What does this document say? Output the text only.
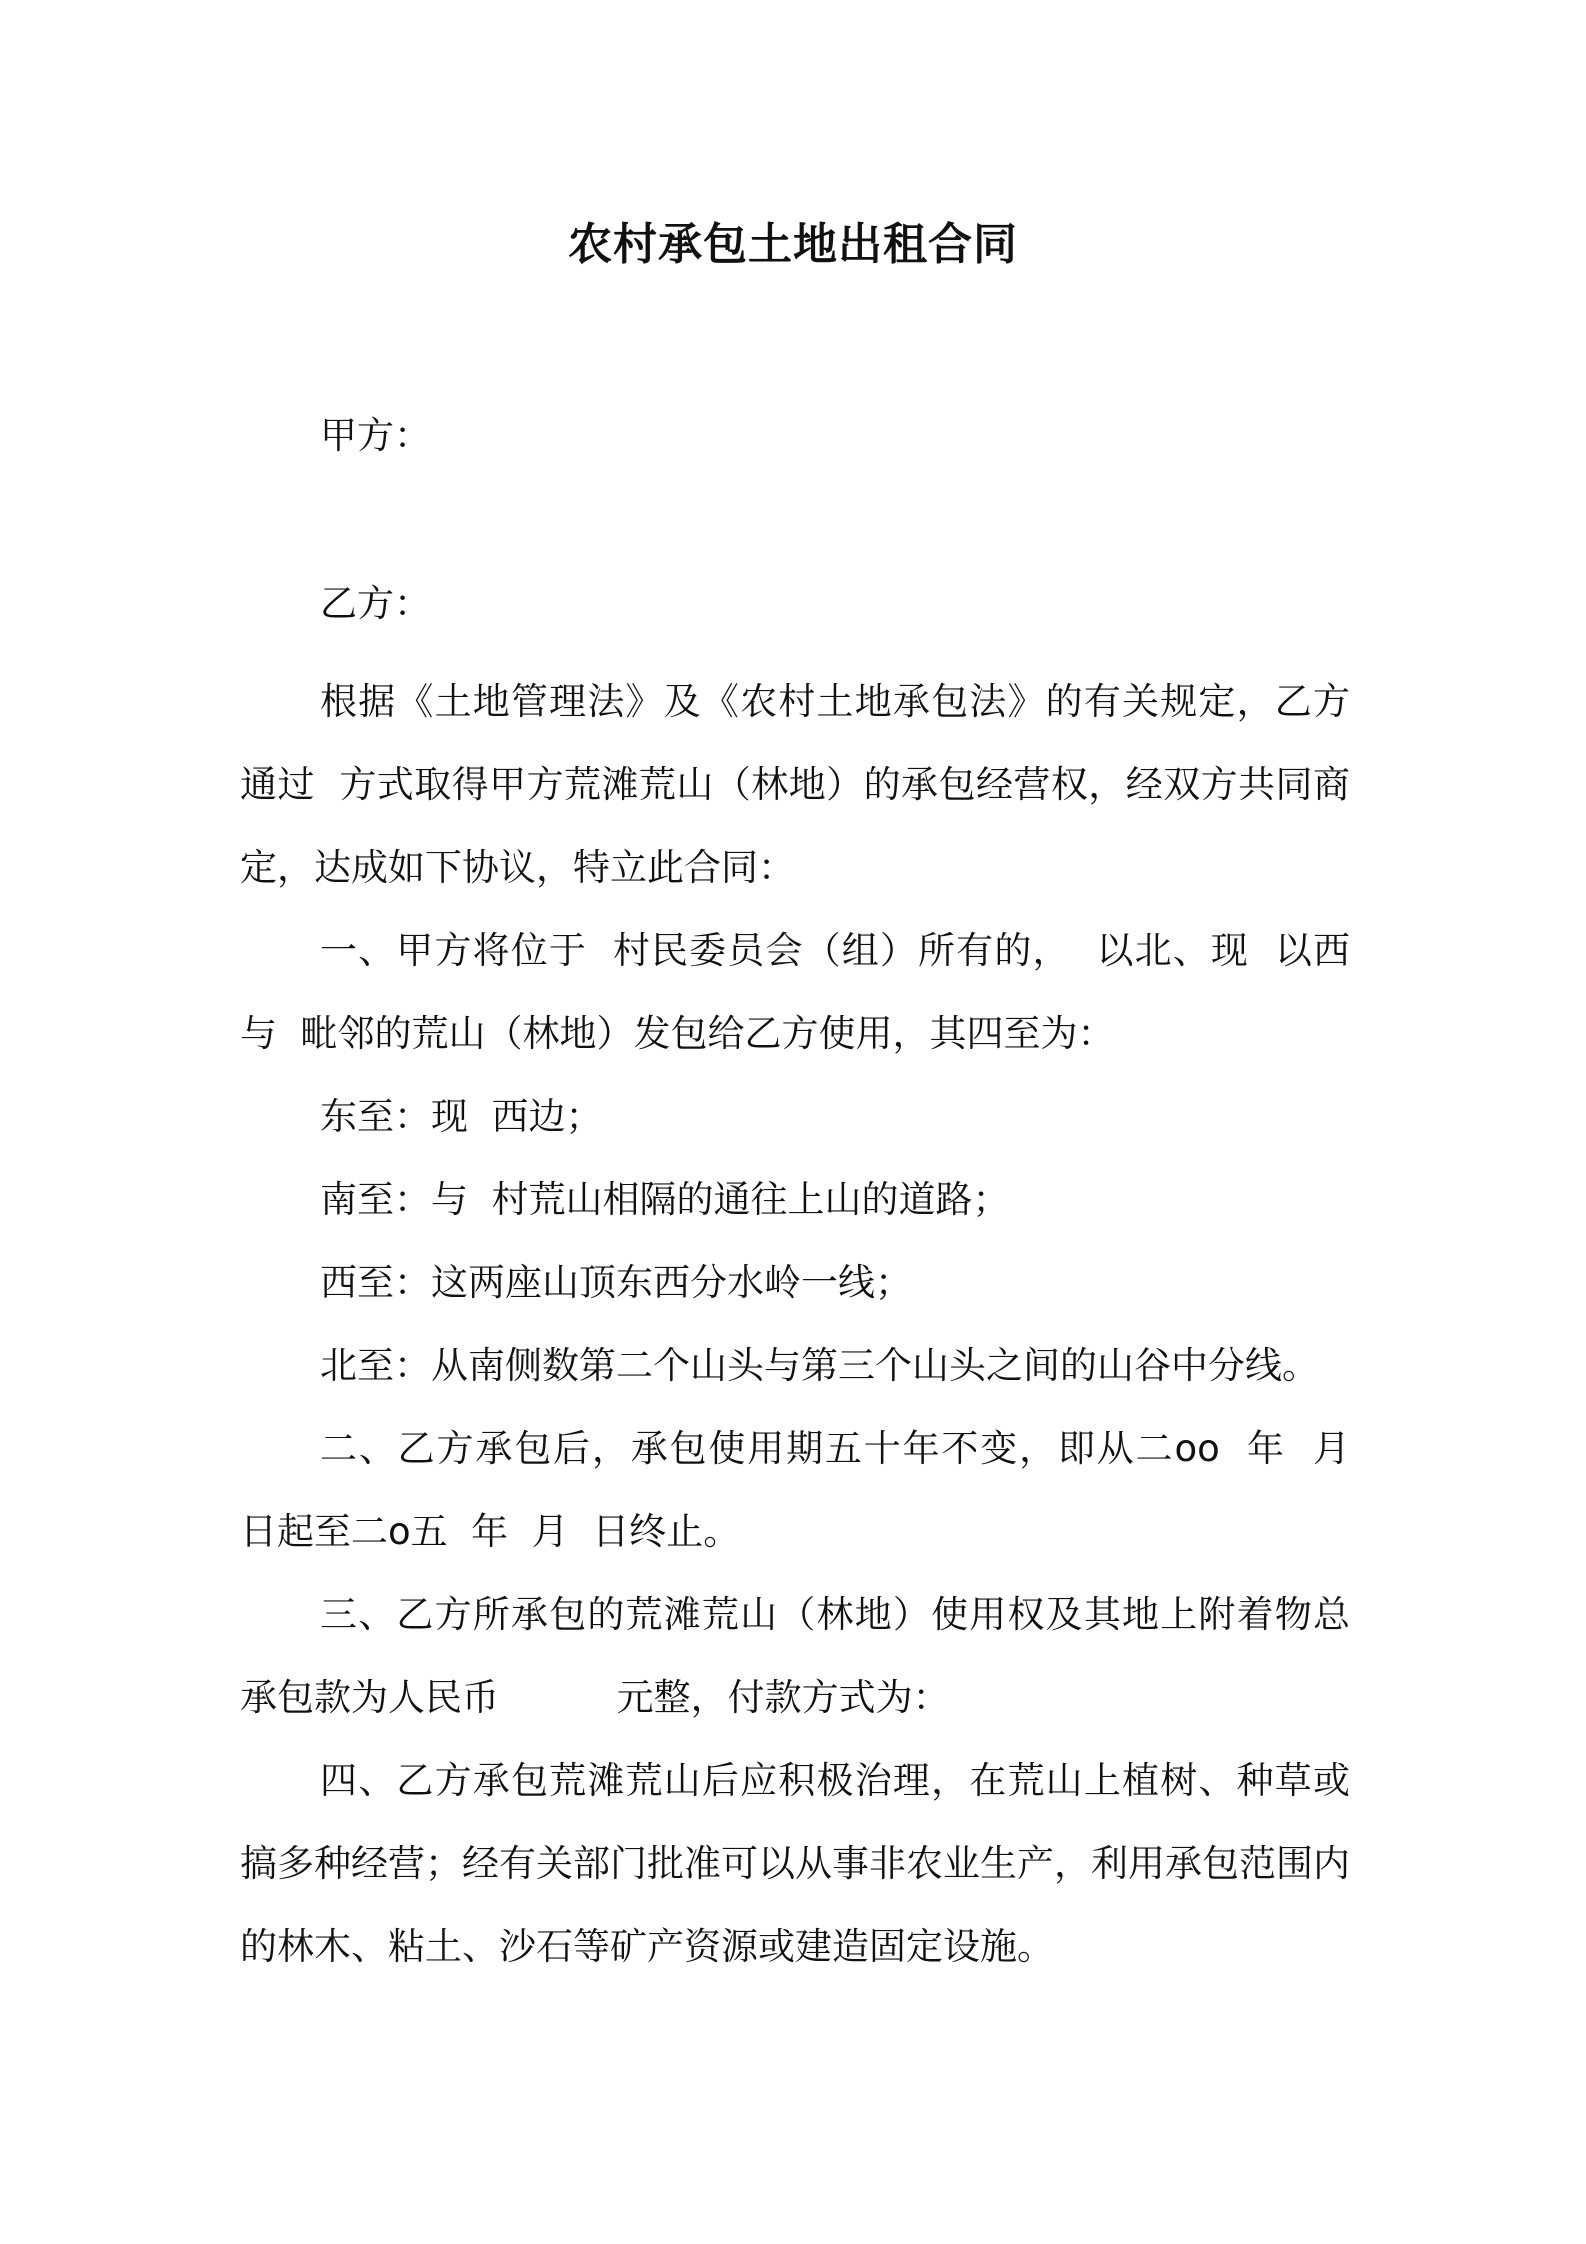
农村承包土地出租合同

甲方：

乙方：

根据《土地管理法》及《农村土地承包法》的有关规定，乙方通过  方式取得甲方荒滩荒山（林地）的承包经营权，经双方共同商定，达成如下协议，特立此合同：

一、甲方将位于  村民委员会（组）所有的，  以北、现  以西与  毗邻的荒山（林地）发包给乙方使用，其四至为：

东至：现  西边；

南至：与  村荒山相隔的通往上山的道路；

西至：这两座山顶东西分水岭一线；

北至：从南侧数第二个山头与第三个山头之间的山谷中分线。

二、乙方承包后，承包使用期五十年不变，即从二oo  年  月  日起至二o五  年  月  日终止。

三、乙方所承包的荒滩荒山（林地）使用权及其地上附着物总承包款为人民币          元整，付款方式为：

四、乙方承包荒滩荒山后应积极治理，在荒山上植树、种草或搞多种经营；经有关部门批准可以从事非农业生产，利用承包范围内的林木、粘土、沙石等矿产资源或建造固定设施。
